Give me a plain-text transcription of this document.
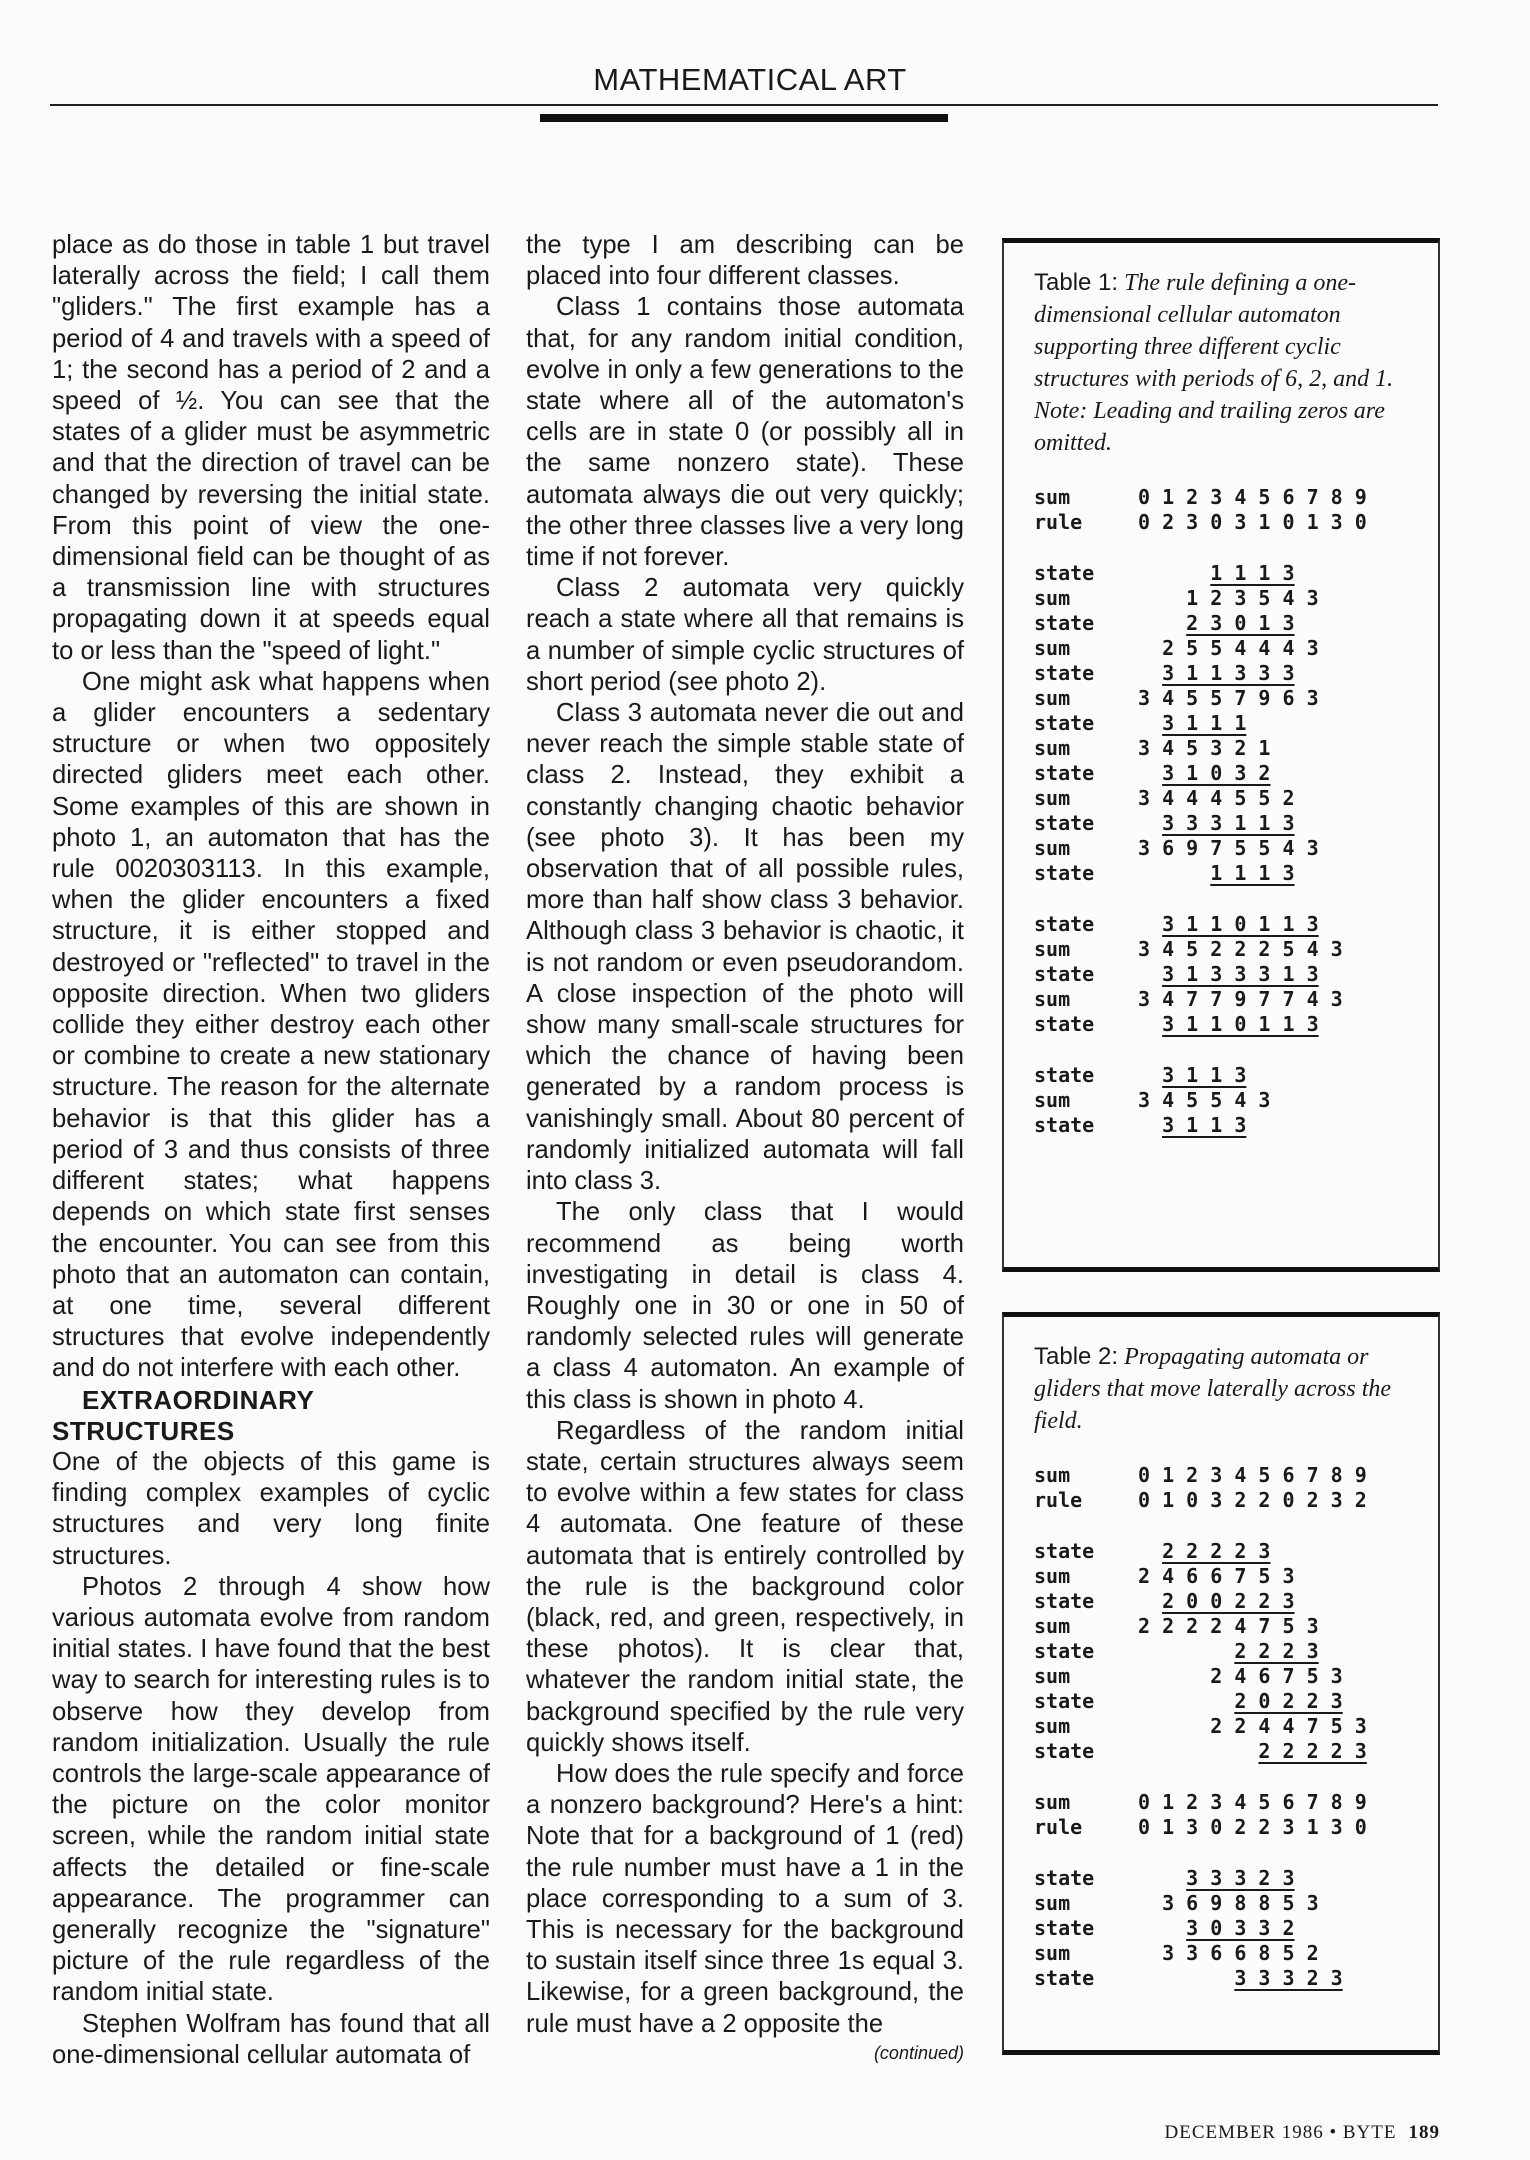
MATHEMATICAL ART

place as do those in table 1 but travel laterally across the field; I call them "gliders." The first example has a period of 4 and travels with a speed of 1; the second has a period of 2 and a speed of ½. You can see that the states of a glider must be asymmetric and that the direction of travel can be changed by reversing the initial state. From this point of view the one-dimensional field can be thought of as a transmission line with structures propagating down it at speeds equal to or less than the "speed of light."

One might ask what happens when a glider encounters a sedentary structure or when two oppositely directed gliders meet each other. Some examples of this are shown in photo 1, an automaton that has the rule 0020303113. In this example, when the glider encounters a fixed structure, it is either stopped and destroyed or "reflected" to travel in the opposite direction. When two gliders collide they either destroy each other or combine to create a new stationary structure. The reason for the alternate behavior is that this glider has a period of 3 and thus consists of three different states; what happens depends on which state first senses the encounter. You can see from this photo that an automaton can contain, at one time, several different structures that evolve independently and do not interfere with each other.

EXTRAORDINARY STRUCTURES

One of the objects of this game is finding complex examples of cyclic structures and very long finite structures.

Photos 2 through 4 show how various automata evolve from random initial states. I have found that the best way to search for interesting rules is to observe how they develop from random initialization. Usually the rule controls the large-scale appearance of the picture on the color monitor screen, while the random initial state affects the detailed or fine-scale appearance. The programmer can generally recognize the "signature" picture of the rule regardless of the random initial state.

Stephen Wolfram has found that all one-dimensional cellular automata of

the type I am describing can be placed into four different classes.

Class 1 contains those automata that, for any random initial condition, evolve in only a few generations to the state where all of the automaton's cells are in state 0 (or possibly all in the same nonzero state). These automata always die out very quickly; the other three classes live a very long time if not forever.

Class 2 automata very quickly reach a state where all that remains is a number of simple cyclic structures of short period (see photo 2).

Class 3 automata never die out and never reach the simple stable state of class 2. Instead, they exhibit a constantly changing chaotic behavior (see photo 3). It has been my observation that of all possible rules, more than half show class 3 behavior. Although class 3 behavior is chaotic, it is not random or even pseudorandom. A close inspection of the photo will show many small-scale structures for which the chance of having been generated by a random process is vanishingly small. About 80 percent of randomly initialized automata will fall into class 3.

The only class that I would recommend as being worth investigating in detail is class 4. Roughly one in 30 or one in 50 of randomly selected rules will generate a class 4 automaton. An example of this class is shown in photo 4.

Regardless of the random initial state, certain structures always seem to evolve within a few states for class 4 automata. One feature of these automata that is entirely controlled by the rule is the background color (black, red, and green, respectively, in these photos). It is clear that, whatever the random initial state, the background specified by the rule very quickly shows itself.

How does the rule specify and force a nonzero background? Here's a hint: Note that for a background of 1 (red) the rule number must have a 1 in the place corresponding to a sum of 3. This is necessary for the background to sustain itself since three 1s equal 3. Likewise, for a green background, the rule must have a 2 opposite the

(continued)
Table 1: The rule defining a one-dimensional cellular automaton supporting three different cyclic structures with periods of 6, 2, and 1. Note: Leading and trailing zeros are omitted.
sum	0 1 2 3 4 5 6 7 8 9
rule	0 2 3 0 3 1 0 1 3 0
state	1 1 1 3
sum	1 2 3 5 4 3
state	2 3 0 1 3
sum	2 5 5 4 4 4 3
state	3 1 1 3 3 3
sum	3 4 5 5 7 9 6 3
state	3 1 1 1
sum	3 4 5 3 2 1
state	3 1 0 3 2
sum	3 4 4 4 5 5 2
state	3 3 3 1 1 3
sum	3 6 9 7 5 5 4 3
state	1 1 1 3
state	3 1 1 0 1 1 3
sum	3 4 5 2 2 2 5 4 3
state	3 1 3 3 3 1 3
sum	3 4 7 7 9 7 7 4 3
state	3 1 1 0 1 1 3
state	3 1 1 3
sum	3 4 5 5 4 3
state	3 1 1 3
Table 2: Propagating automata or gliders that move laterally across the field.
sum	0 1 2 3 4 5 6 7 8 9
rule	0 1 0 3 2 2 0 2 3 2
state	2 2 2 2 3
sum	2 4 6 6 7 5 3
state	2 0 0 2 2 3
sum	2 2 2 2 4 7 5 3
state	2 2 2 3
sum	2 4 6 7 5 3
state	2 0 2 2 3
sum	2 2 4 4 7 5 3
state	2 2 2 2 3
sum	0 1 2 3 4 5 6 7 8 9
rule	0 1 3 0 2 2 3 1 3 0
state	3 3 3 2 3
sum	3 6 9 8 8 5 3
state	3 0 3 3 2
sum	3 3 6 6 8 5 2
state	3 3 3 2 3
DECEMBER 1986 • BYTE 189
